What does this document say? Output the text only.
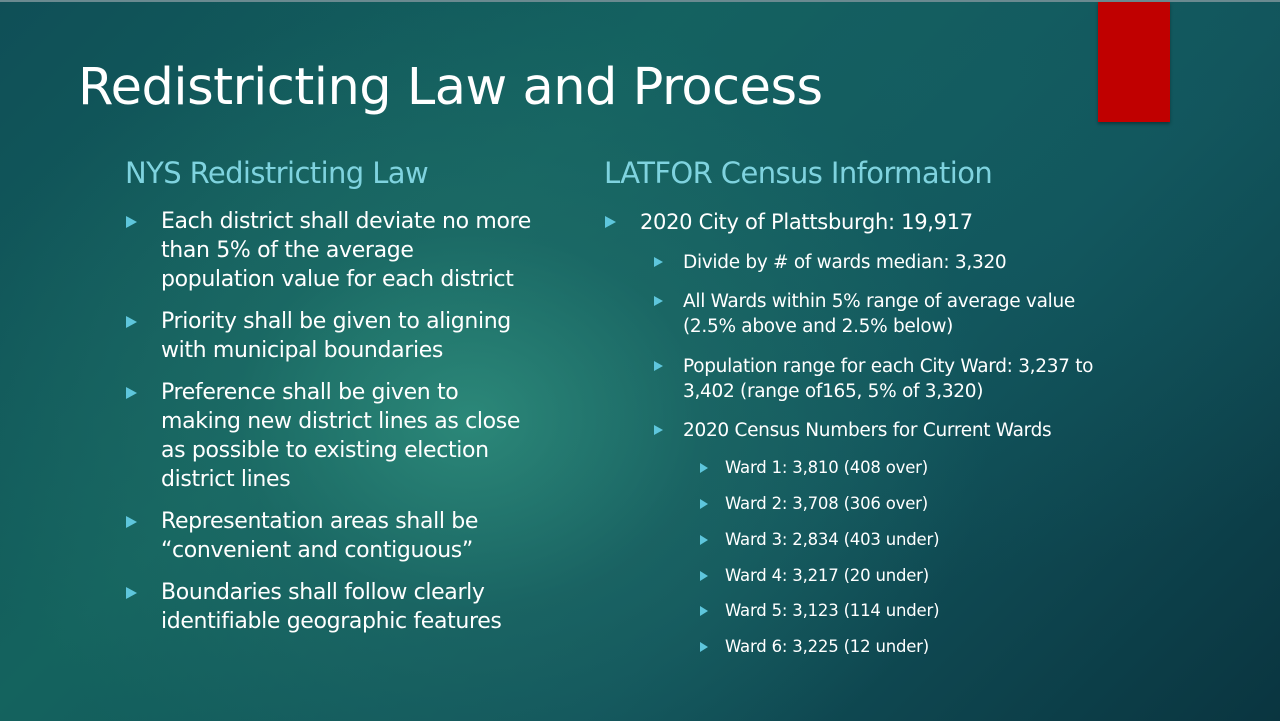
Redistricting Law and Process
NYS Redistricting Law	LATFOR Census Information
Each district shall deviate no more
than 5% of the average
population value for each district
Priority shall be given to aligning
with municipal boundaries
Preference shall be given to
making new district lines as close
as possible to existing election
district lines
Representation areas shall be
“convenient and contiguous”
Boundaries shall follow clearly
identifiable geographic features
2020 City of Plattsburgh: 19,917
Divide by # of wards median: 3,320
All Wards within 5% range of average value
(2.5% above and 2.5% below)
Population range for each City Ward: 3,237 to
3,402 (range of165, 5% of 3,320)
2020 Census Numbers for Current Wards
Ward 1: 3,810 (408 over)
Ward 2: 3,708 (306 over)
Ward 3: 2,834 (403 under)
Ward 4: 3,217 (20 under)
Ward 5: 3,123 (114 under)
Ward 6: 3,225 (12 under)
